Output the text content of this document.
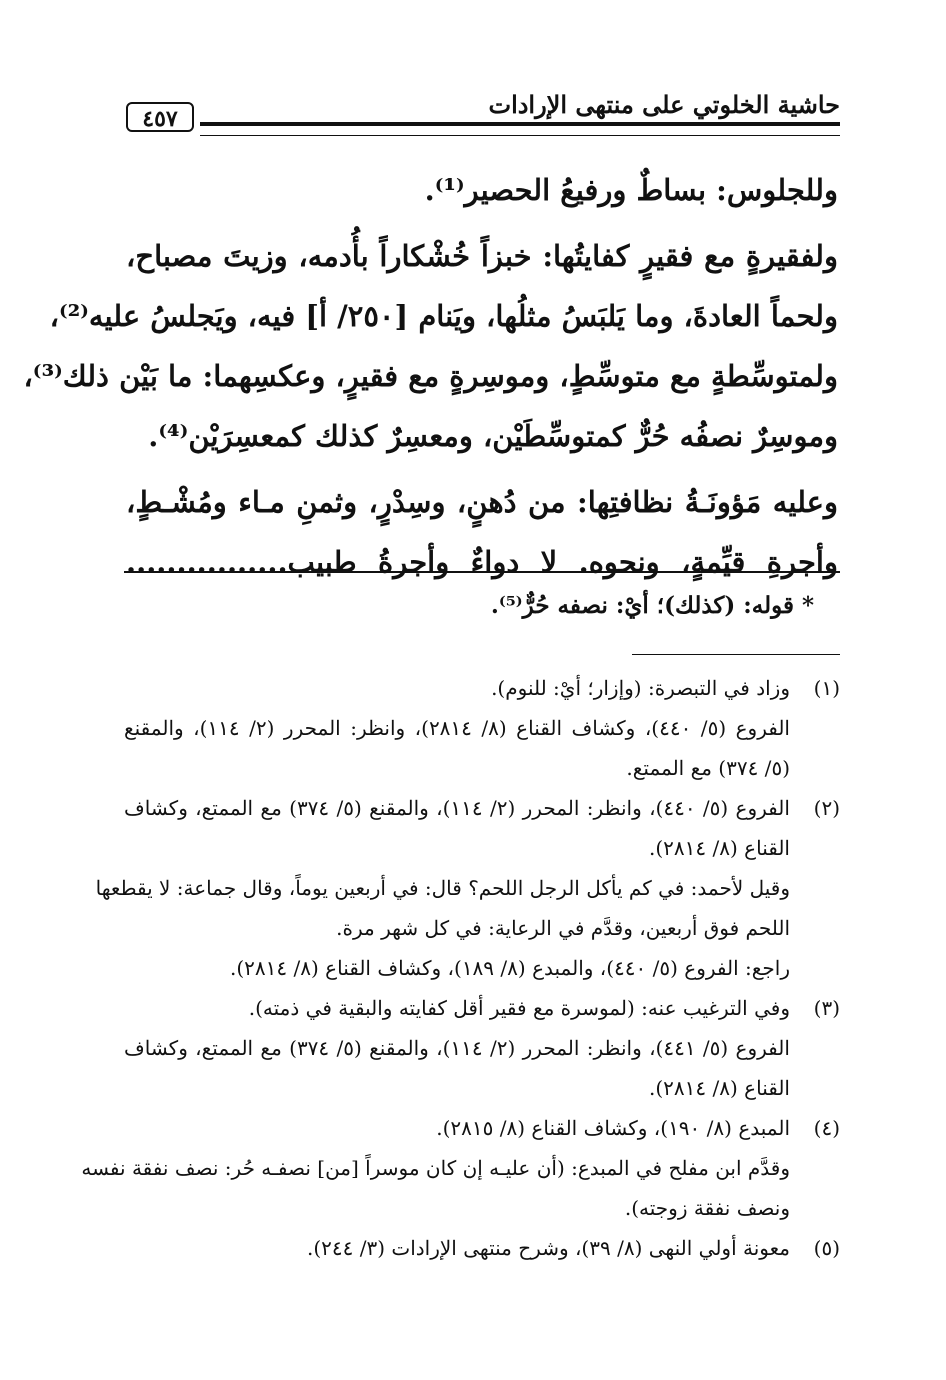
٤٥٧	حاشية الخلوتي على منتهى الإرادات
وللجلوس: بساطٌ ورفيعُ الحصير⁽¹⁾.
ولفقيرةٍ مع فقيرٍ كفايتُها: خبزاً خُشْكاراً بأُدمه، وزيتَ مصباح،
ولحماً العادةَ، وما يَلبَسُ مثلُها، ويَنام [٢٥٠/ أ] فيه، ويَجلسُ عليه⁽²⁾،
ولمتوسِّطةٍ مع متوسِّطٍ، وموسِرةٍ مع فقيرٍ، وعكسِهما: ما بَيْن ذلك⁽³⁾،
وموسِرٌ نصفُه حُرٌّ كمتوسِّطَيْن، ومعسِرٌ كذلك كمعسِرَيْن⁽⁴⁾.
وعليه مَؤونَـةُ نظافتِها: من دُهنٍ، وسِدْرٍ، وثمنِ مـاء ومُشْـطٍ،
وأجرةِ قيِّمةٍ، ونحوه. لا دواءٌ وأجرةُ طبيب................
* قوله: (كذلك)؛ أيْ: نصفه حُرٌّ⁽⁵⁾.
(١)
وزاد في التبصرة: (وإزار؛ أيْ: للنوم).
الفروع (٥/ ٤٤٠)، وكشاف القناع (٨/ ٢٨١٤)، وانظر: المحرر (٢/ ١١٤)، والمقنع
(٥/ ٣٧٤) مع الممتع.
(٢)
الفروع (٥/ ٤٤٠)، وانظر: المحرر (٢/ ١١٤)، والمقنع (٥/ ٣٧٤) مع الممتع، وكشاف
القناع (٨/ ٢٨١٤).
وقيل لأحمد: في كم يأكل الرجل اللحم؟ قال: في أربعين يوماً، وقال جماعة: لا يقطعها
اللحم فوق أربعين، وقدَّم في الرعاية: في كل شهر مرة.
راجع: الفروع (٥/ ٤٤٠)، والمبدع (٨/ ١٨٩)، وكشاف القناع (٨/ ٢٨١٤).
(٣)
وفي الترغيب عنه: (لموسرة مع فقير أقل كفايته والبقية في ذمته).
الفروع (٥/ ٤٤١)، وانظر: المحرر (٢/ ١١٤)، والمقنع (٥/ ٣٧٤) مع الممتع، وكشاف
القناع (٨/ ٢٨١٤).
(٤)
المبدع (٨/ ١٩٠)، وكشاف القناع (٨/ ٢٨١٥).
وقدَّم ابن مفلح في المبدع: (أن عليـه إن كان موسراً [من] نصفـه حُر: نصف نفقة نفسه
ونصف نفقة زوجته).
(٥)
معونة أولي النهى (٨/ ٣٩)، وشرح منتهى الإرادات (٣/ ٢٤٤).
